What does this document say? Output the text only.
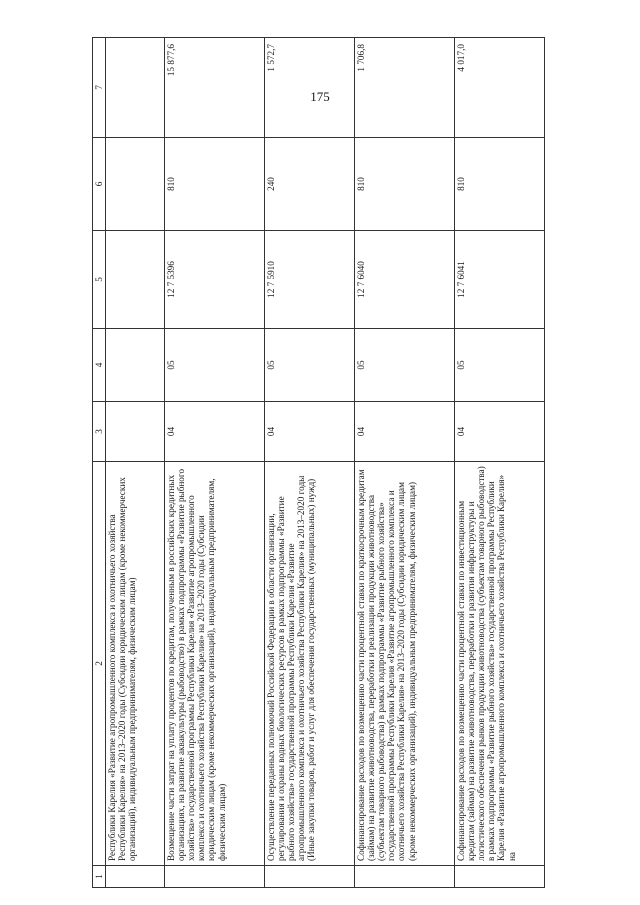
175
1	2	3	4	5	6	7
	Республики Карелия «Развитие агропромышленного комплекса и охотничьего хозяйства Республики Карелия» на 2013–2020 годы (Субсидии юридическим лицам (кроме некоммерческих организаций), индивидуальным предпринимателям, физическим лицам)					
	Возмещение части затрат на уплату процентов по кредитам, полученным в российских кредитных организациях, на развитие аквакультуры (рыбоводство) в рамках подпрограммы «Развитие рыбного хозяйства» государственной программы Республики Карелия «Развитие агропромышленного комплекса и охотничьего хозяйства Республики Карелия» на 2013–2020 годы (Субсидии юридическим лицам (кроме некоммерческих организаций), индивидуальным предпринимателям, физическим лицам)	04	05	12 7 5396	810	15 877,6
	Осуществление переданных полномочий Российской Федерации в области организации, регулирования и охраны водных биологических ресурсов в рамках подпрограммы «Развитие рыбного хозяйства» государственной программы Республики Карелия «Развитие агропромышленного комплекса и охотничьего хозяйства Республики Карелия» на 2013–2020 годы (Иные закупки товаров, работ и услуг для обеспечения государственных (муниципальных) нужд)	04	05	12 7 5910	240	1 572,7
	Софинансирование расходов по возмещению части процентной ставки по краткосрочным кредитам (займам) на развитие животноводства, переработки и реализации продукции животноводства (субъектам товарного рыбоводства) в рамках подпрограммы «Развитие рыбного хозяйства» государственной программы Республики Карелия «Развитие агропромышленного комплекса и охотничьего хозяйства Республики Карелия» на 2013–2020 годы (Субсидии юридическим лицам (кроме некоммерческих организаций), индивидуальным предпринимателям, физическим лицам)	04	05	12 7 6040	810	1 706,8
	Софинансирование расходов по возмещению части процентной ставки по инвестиционным кредитам (займам) на развитие животноводства, переработки и развития инфраструктуры и логистического обеспечения рынков продукции животноводства (субъектам товарного рыбоводства) в рамках подпрограммы «Развитие рыбного хозяйства» государственной программы Республики Карелия «Развитие агропромышленного комплекса и охотничьего хозяйства Республики Карелия» на	04	05	12 7 6041	810	4 017,0
